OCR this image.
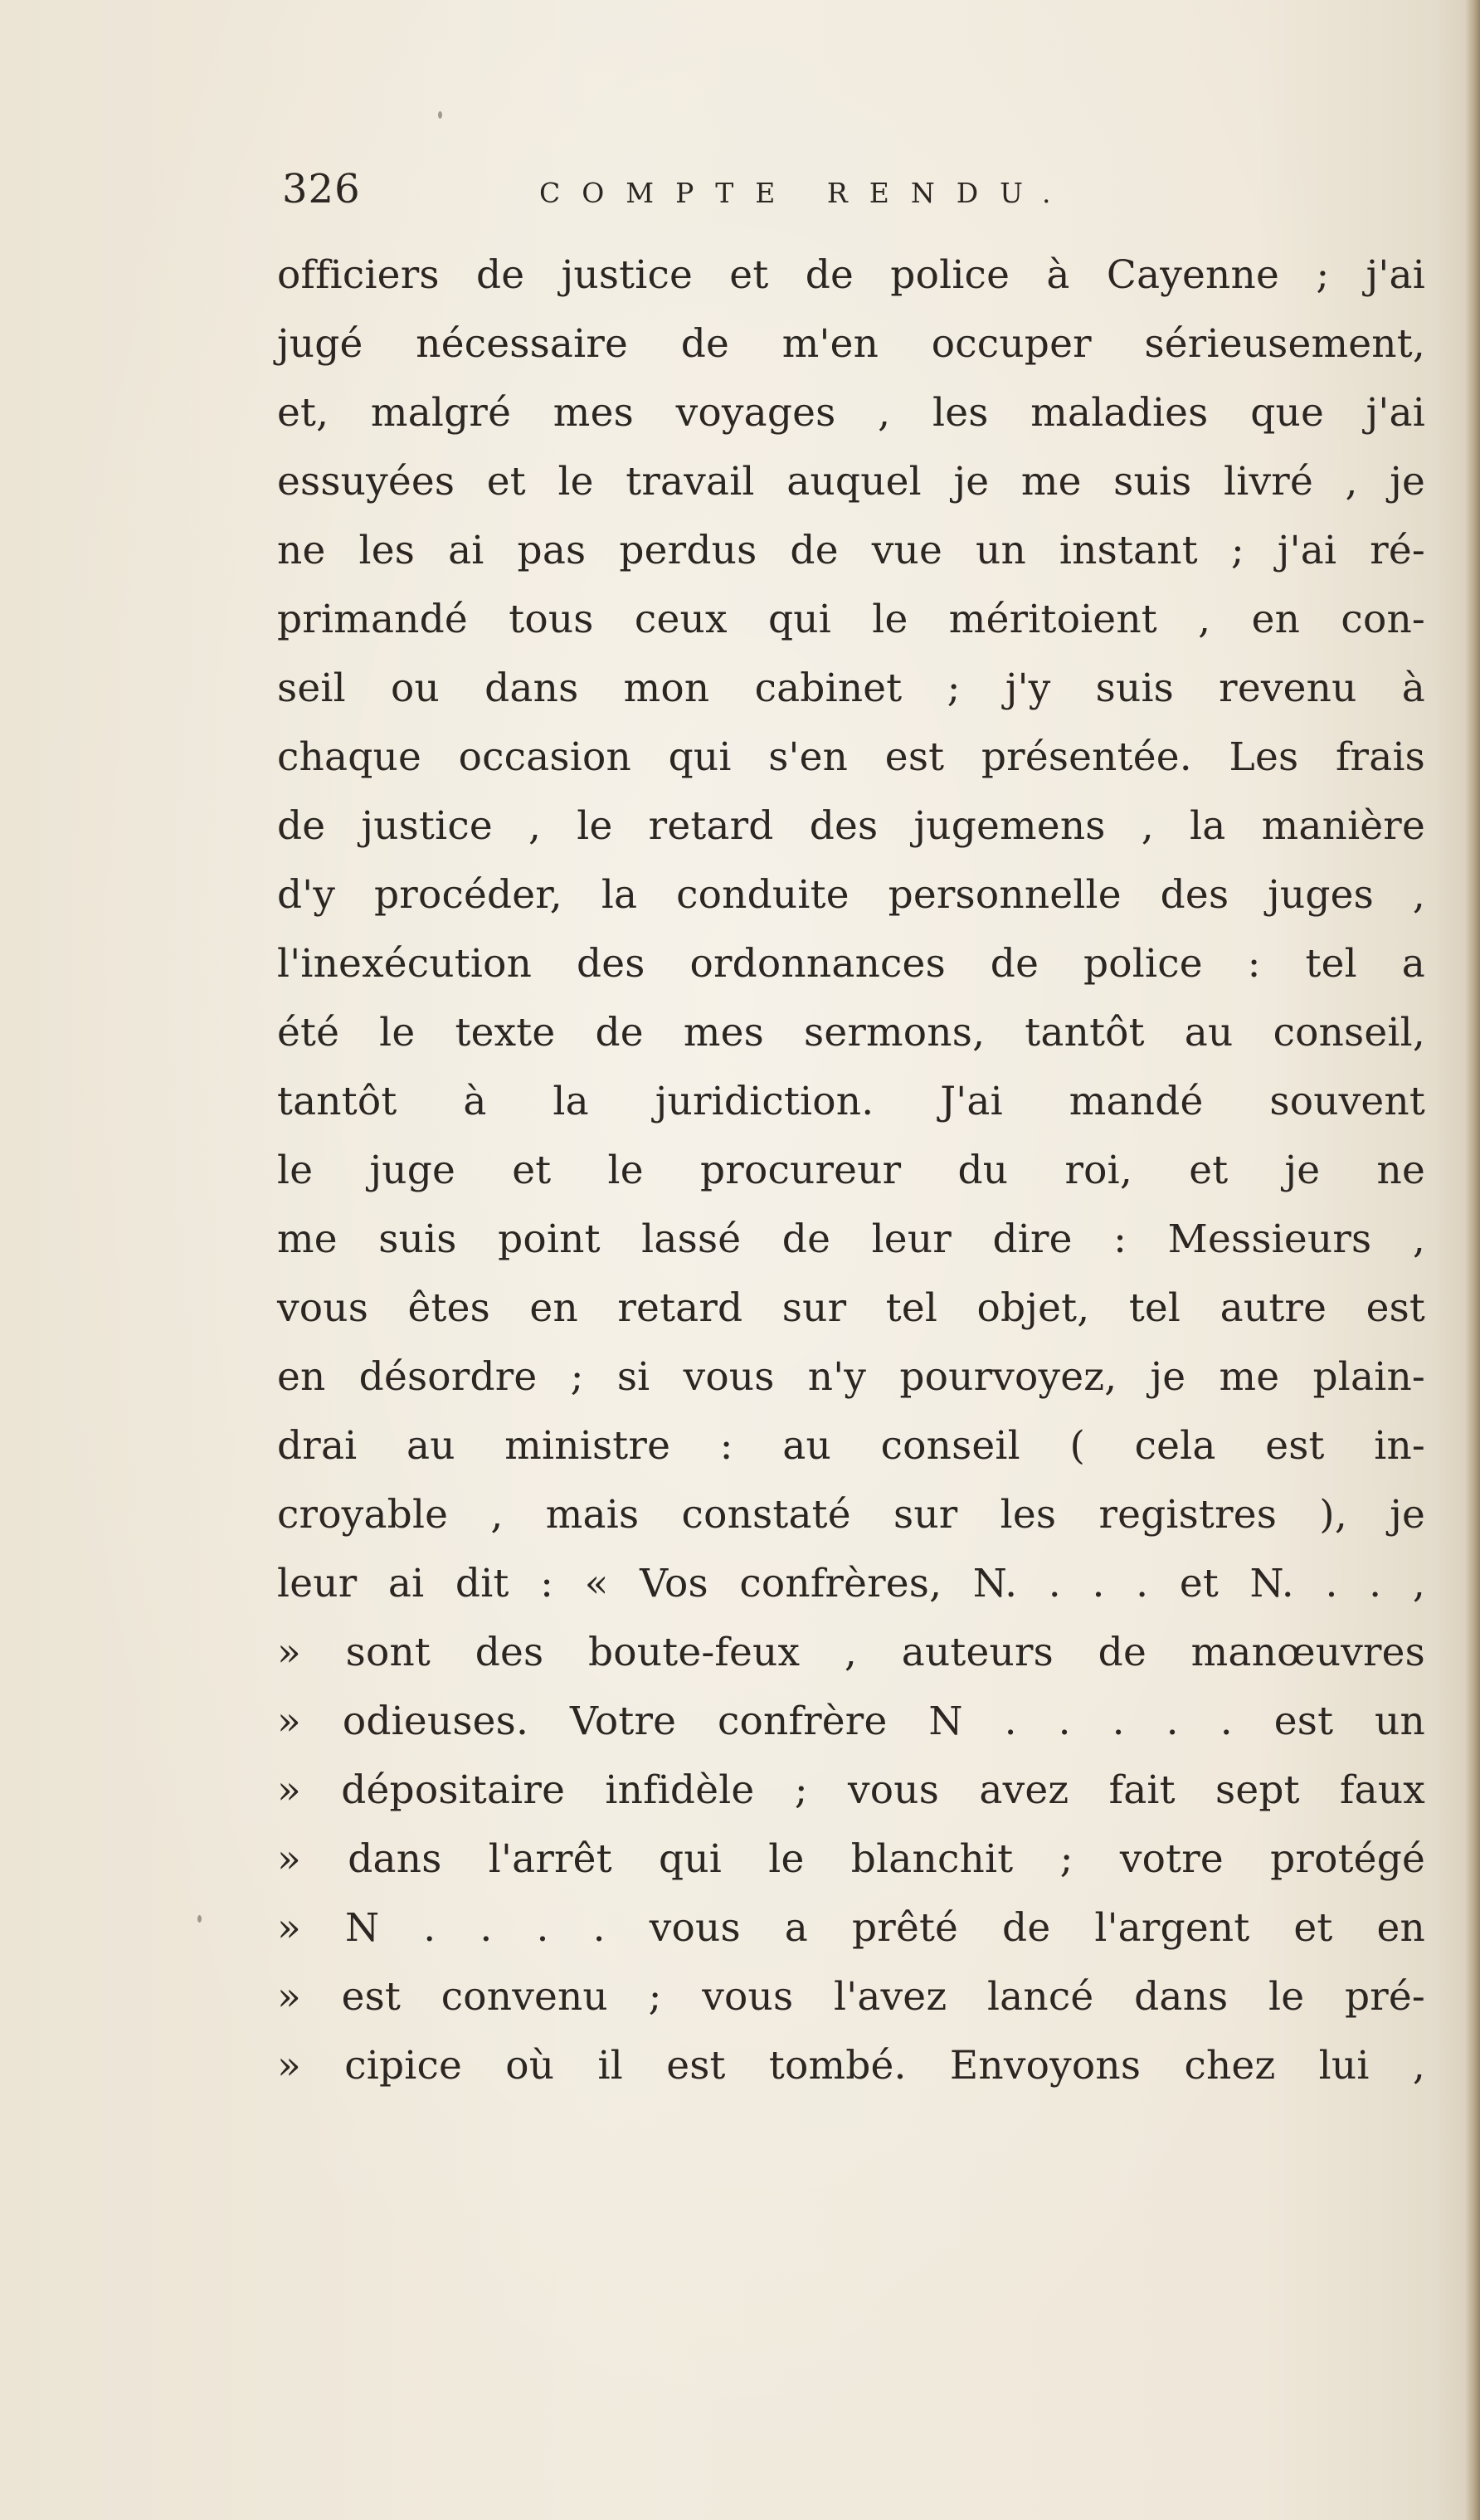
326	COMPTE RENDU.
officiers de justice et de police à Cayenne ; j'ai
jugé nécessaire de m'en occuper sérieusement,
et, malgré mes voyages , les maladies que j'ai
essuyées et le travail auquel je me suis livré , je
ne les ai pas perdus de vue un instant ; j'ai ré-
primandé tous ceux qui le méritoient , en con-
seil ou dans mon cabinet ; j'y suis revenu à
chaque occasion qui s'en est présentée. Les frais
de justice , le retard des jugemens , la manière
d'y procéder, la conduite personnelle des juges ,
l'inexécution des ordonnances de police : tel a
été le texte de mes sermons, tantôt au conseil,
tantôt à la juridiction. J'ai mandé souvent
le juge et le procureur du roi, et je ne
me suis point lassé de leur dire : Messieurs ,
vous êtes en retard sur tel objet, tel autre est
en désordre ; si vous n'y pourvoyez, je me plain-
drai au ministre : au conseil ( cela est in-
croyable , mais constaté sur les registres ), je
leur ai dit : « Vos confrères, N. . . . et N. . . ,
» sont des boute-feux , auteurs de manœuvres
» odieuses. Votre confrère N . . . . . est un
» dépositaire infidèle ; vous avez fait sept faux
» dans l'arrêt qui le blanchit ; votre protégé
» N . . . . vous a prêté de l'argent et en
» est convenu ; vous l'avez lancé dans le pré-
» cipice où il est tombé. Envoyons chez lui ,
